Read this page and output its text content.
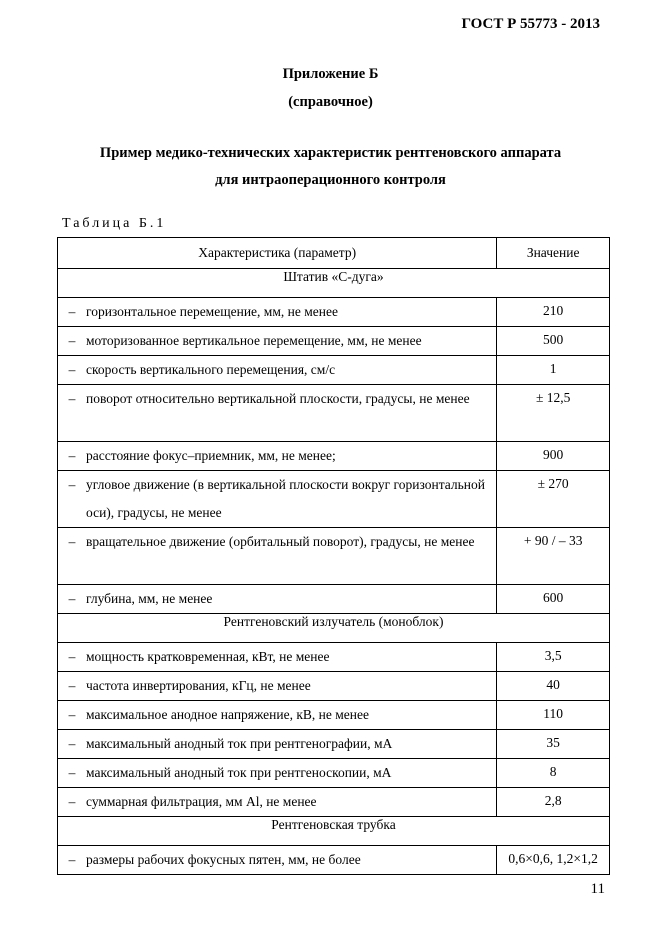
ГОСТ Р 55773 - 2013
Приложение Б
(справочное)
Пример медико-технических характеристик рентгеновского аппарата
для интраоперационного контроля
Таблица Б.1
Характеристика (параметр)	Значение
Штатив «С-дуга»	

– горизонтальное перемещение, мм, не менее	210

– моторизованное вертикальное перемещение, мм, не менее	500

– скорость вертикального перемещения, см/с	1

– поворот относительно вертикальной плоскости, градусы, не менее	± 12,5

– расстояние фокус–приемник, мм, не менее;	900

– угловое движение (в вертикальной плоскости вокруг горизонтальной оси), градусы, не менее	± 270

– вращательное движение (орбитальный поворот), градусы, не менее	+ 90 / – 33

– глубина, мм, не менее	600

Рентгеновский излучатель (моноблок)	

– мощность кратковременная, кВт, не менее	3,5

– частота инвертирования, кГц, не менее	40

– максимальное анодное напряжение, кВ, не менее	110

– максимальный анодный ток при рентгенографии, мА	35

– максимальный анодный ток при рентгеноскопии, мА	8

– суммарная фильтрация, мм Al, не менее	2,8

Рентгеновская трубка	

– размеры рабочих фокусных пятен, мм, не более	0,6×0,6, 1,2×1,2
11
